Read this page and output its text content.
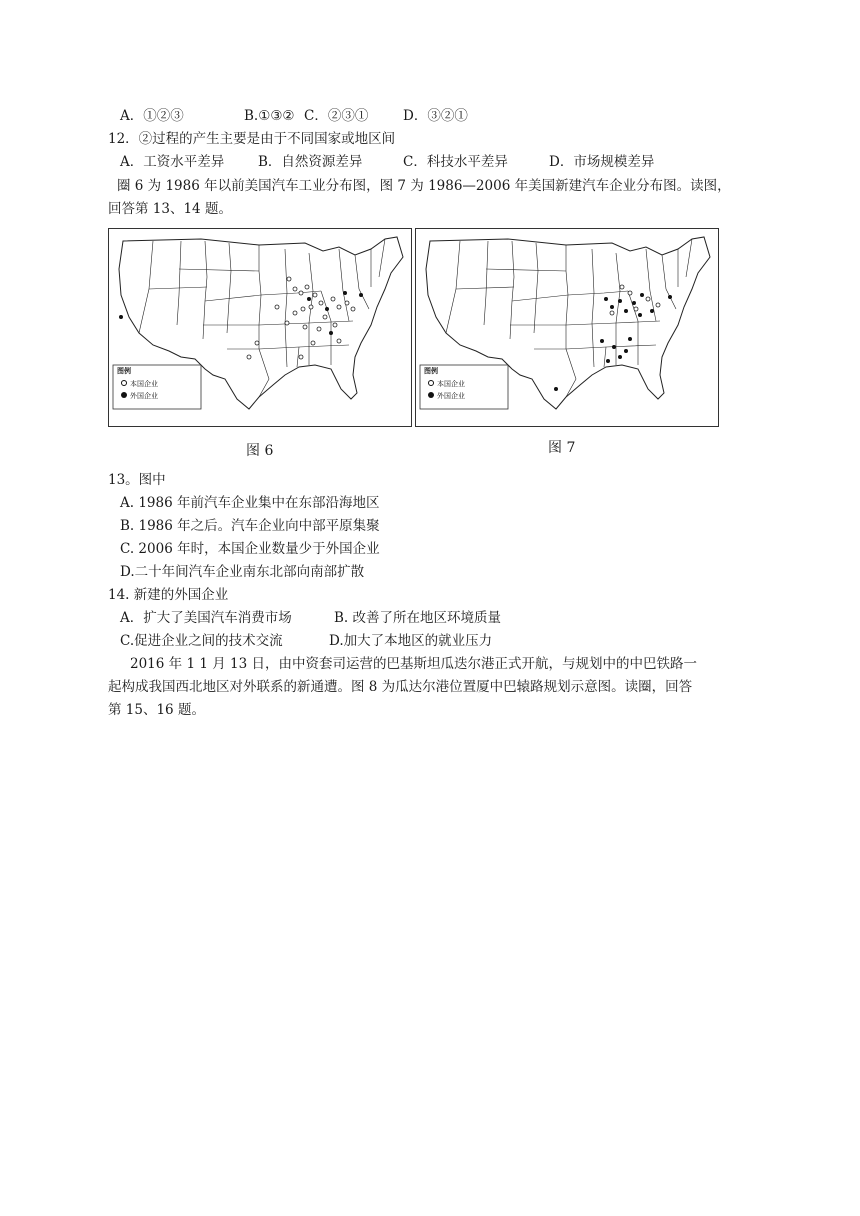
A．①②③	B.①③② C．②③①	D．③②①
12．②过程的产生主要是由于不同国家或地区间
A．工资水平差异	B．自然资源差异	C．科技水平差异	D．市场规模差异
圈 6 为 1986 年以前美国汽车工业分布图，图 7 为 1986—2006 年美国新建汽车企业分布图。读图，
回答第 13、14 题。
图例
本国企业
外国企业
图 6
图例
本国企业
外国企业
图 7
13。图中
A. 1986 年前汽车企业集中在东部沿海地区
B. 1986 年之后。汽车企业向中部平原集聚
C. 2006 年时，本国企业数量少于外国企业
D.二十年间汽车企业南东北部向南部扩散
14. 新建的外国企业
A．扩大了美国汽车消费市场	B. 改善了所在地区环境质量
C.促进企业之间的技术交流	D.加大了本地区的就业压力
2016 年 1 1 月 13 日，由中资套司运营的巴基斯坦瓜迭尔港正式开航，与规划中的中巴铁路一
起构成我国西北地区对外联系的新通遭。图 8 为瓜达尔港位置厦中巴辕路规划示意图。读圈，回答
第 15、16 题。
